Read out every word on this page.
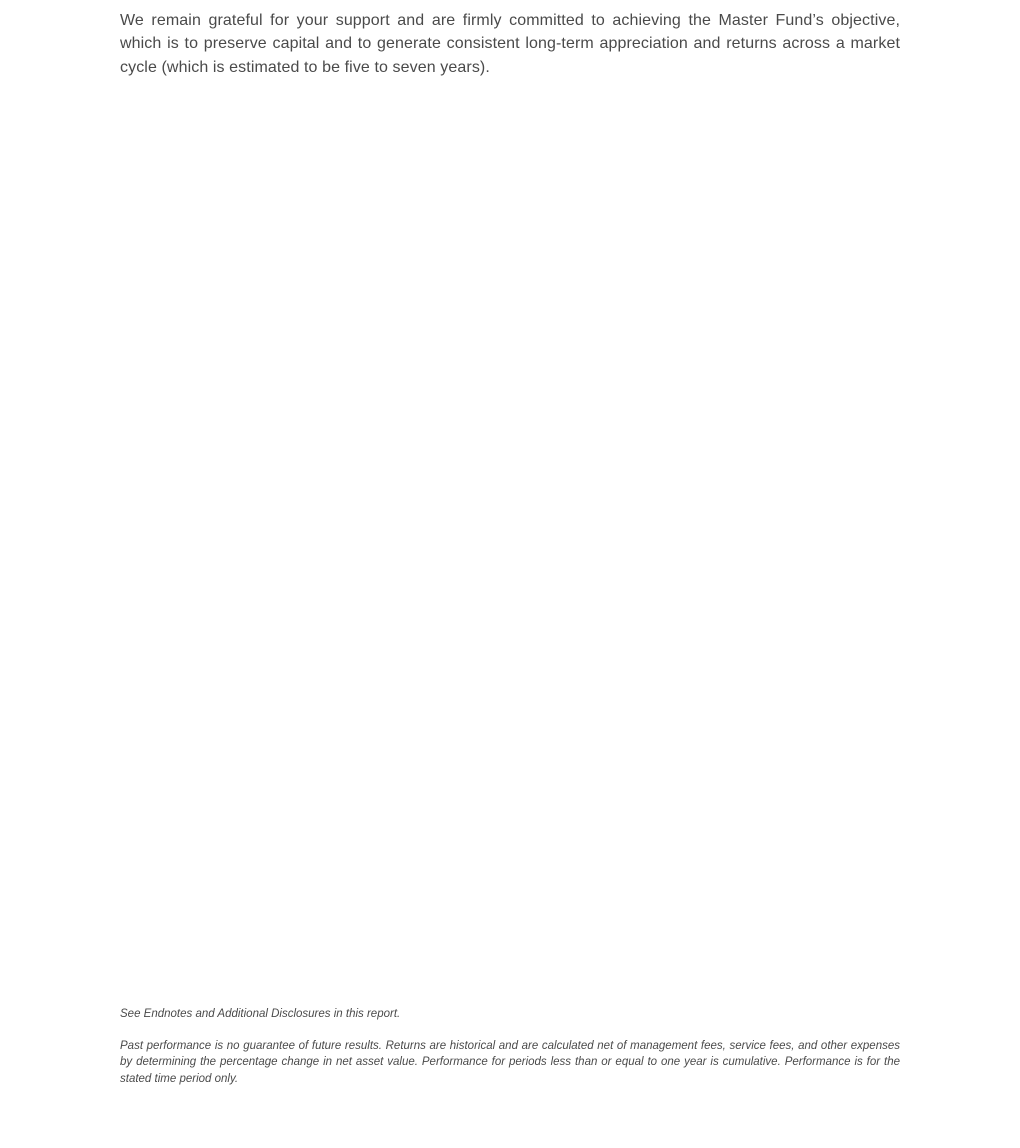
We remain grateful for your support and are firmly committed to achieving the Master Fund’s objective, which is to preserve capital and to generate consistent long-term appreciation and returns across a market cycle (which is estimated to be five to seven years).

See Endnotes and Additional Disclosures in this report.

Past performance is no guarantee of future results. Returns are historical and are calculated net of management fees, service fees, and other expenses by determining the percentage change in net asset value. Performance for periods less than or equal to one year is cumulative. Performance is for the stated time period only.
